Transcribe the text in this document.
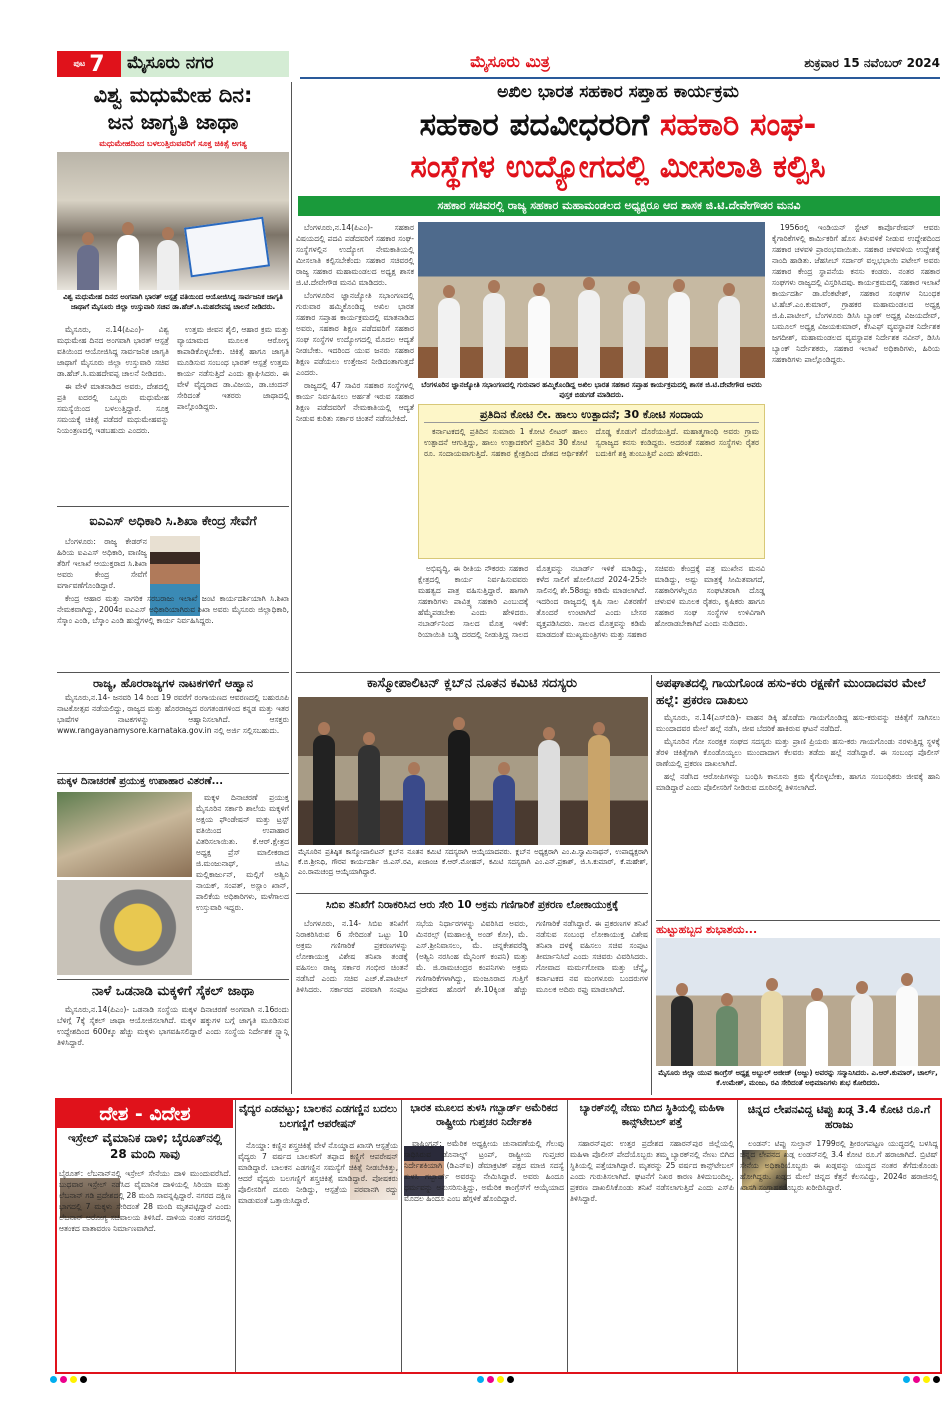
ಪುಟ 7	ಮೈಸೂರು ನಗರ	ಮೈಸೂರು ಮಿತ್ರ	ಶುಕ್ರವಾರ 15 ನವೆಂಬರ್ 2024
ವಿಶ್ವ ಮಧುಮೇಹ ದಿನ:
ಜನ ಜಾಗೃತಿ ಜಾಥಾ
ಮಧುಮೇಹದಿಂದ ಬಳಲುತ್ತಿರುವವರಿಗೆ ಸೂಕ್ತ ಚಿಕಿತ್ಸೆ ಅಗತ್ಯ
ವಿಶ್ವ ಮಧುಮೇಹ ದಿನದ ಅಂಗವಾಗಿ ಭಾರತ್ ಆಸ್ಪತ್ರೆ ವತಿಯಿಂದ ಆಯೋಜಿಸಿದ್ದ ಸಾರ್ವಜನಿಕ ಜಾಗೃತಿ ಜಾಥಾಗೆ ಮೈಸೂರು ಜಿಲ್ಲಾ ಉಸ್ತುವಾರಿ ಸಚಿವ ಡಾ.ಹೆಚ್.ಸಿ.ಮಹದೇವಪ್ಪ ಚಾಲನೆ ನೀಡಿದರು.

ಮೈಸೂರು, ನ.14(ಪಿಎಂ)- ವಿಶ್ವ ಮಧುಮೇಹ ದಿನದ ಅಂಗವಾಗಿ ಭಾರತ್ ಆಸ್ಪತ್ರೆ ವತಿಯಿಂದ ಆಯೋಜಿಸಿದ್ದ ಸಾರ್ವಜನಿಕ ಜಾಗೃತಿ ಜಾಥಾಗೆ ಮೈಸೂರು ಜಿಲ್ಲಾ ಉಸ್ತುವಾರಿ ಸಚಿವ ಡಾ.ಹೆಚ್.ಸಿ.ಮಹದೇವಪ್ಪ ಚಾಲನೆ ನೀಡಿದರು.

ಈ ವೇಳೆ ಮಾತನಾಡಿದ ಅವರು, ದೇಶದಲ್ಲಿ ಪ್ರತಿ ಐದರಲ್ಲಿ ಒಬ್ಬರು ಮಧುಮೇಹ ಸಮಸ್ಯೆಯಿಂದ ಬಳಲುತ್ತಿದ್ದಾರೆ. ಸೂಕ್ತ ಸಮಯಕ್ಕೆ ಚಿಕಿತ್ಸೆ ಪಡೆದರೆ ಮಧುಮೇಹವನ್ನು ನಿಯಂತ್ರಣದಲ್ಲಿ ಇಡಬಹುದು ಎಂದರು.

ಉತ್ತಮ ಜೀವನ ಶೈಲಿ, ಆಹಾರ ಕ್ರಮ ಮತ್ತು ವ್ಯಾಯಾಮದ ಮೂಲಕ ಆರೋಗ್ಯ ಕಾಪಾಡಿಕೊಳ್ಳಬೇಕು. ಚಿಕಿತ್ಸೆ ಹಾಗೂ ಜಾಗೃತಿ ಮೂಡಿಸುವ ಸಂಬಂಧ ಭಾರತ್ ಆಸ್ಪತ್ರೆ ಉತ್ತಮ ಕಾರ್ಯ ನಡೆಸುತ್ತಿದೆ ಎಂದು ಶ್ಲಾಘಿಸಿದರು. ಈ ವೇಳೆ ವೈದ್ಯರಾದ ಡಾ.ವಿಜಯ, ಡಾ.ಚಂದನ್ ಸೇರಿದಂತೆ ಇತರರು ಜಾಥಾದಲ್ಲಿ ಪಾಲ್ಗೊಂಡಿದ್ದರು.

ಐಎಎಸ್ ಅಧಿಕಾರಿ ಸಿ.ಶಿಖಾ ಕೇಂದ್ರ ಸೇವೆಗೆ

ಬೆಂಗಳೂರು: ರಾಜ್ಯ ಕೇಡರ್‌ನ ಹಿರಿಯ ಐಎಎಸ್ ಅಧಿಕಾರಿ, ವಾಣಿಜ್ಯ ತೆರಿಗೆ ಇಲಾಖೆ ಆಯುಕ್ತರಾದ ಸಿ.ಶಿಖಾ ಅವರು ಕೇಂದ್ರ ಸೇವೆಗೆ ವರ್ಗಾವಣೆಗೊಂಡಿದ್ದಾರೆ.

ಕೇಂದ್ರ ಆಹಾರ ಮತ್ತು ನಾಗರಿಕ ಸರಬರಾಜು ಇಲಾಖೆ ಜಂಟಿ ಕಾರ್ಯದರ್ಶಿಯಾಗಿ ಸಿ.ಶಿಖಾ ನೇಮಕವಾಗಿದ್ದು, 2004ರ ಐಎಎಸ್ ಅಧಿಕಾರಿಯಾಗಿರುವ ಶಿಖಾ ಅವರು ಮೈಸೂರು ಜಿಲ್ಲಾಧಿಕಾರಿ, ಸೆಸ್ಕಾಂ ಎಂಡಿ, ಬೆಸ್ಕಾಂ ಎಂಡಿ ಹುದ್ದೆಗಳಲ್ಲಿ ಕಾರ್ಯ ನಿರ್ವಹಿಸಿದ್ದರು.

ರಾಜ್ಯ, ಹೊರರಾಜ್ಯಗಳ ನಾಟಕಗಳಿಗೆ ಆಹ್ವಾನ

ಮೈಸೂರು,ನ.14- ಜನವರಿ 14 ರಿಂದ 19 ರವರೆಗೆ ರಂಗಾಯಣದ ಆವರಣದಲ್ಲಿ ಬಹುರೂಪಿ ನಾಟಕೋತ್ಸವ ನಡೆಯಲಿದ್ದು, ರಾಜ್ಯದ ಮತ್ತು ಹೊರರಾಜ್ಯದ ರಂಗತಂಡಗಳಿಂದ ಕನ್ನಡ ಮತ್ತು ಇತರ ಭಾಷೆಗಳ ನಾಟಕಗಳನ್ನು ಆಹ್ವಾನಿಸಲಾಗಿದೆ. ಆಸಕ್ತರು www.rangayanamysore.karnataka.gov.in ನಲ್ಲಿ ಅರ್ಜಿ ಸಲ್ಲಿಸಬಹುದು.

ಮಕ್ಕಳ ದಿನಾಚರಣೆ ಪ್ರಯುಕ್ತ ಉಪಾಹಾರ ವಿತರಣೆ...

ಮಕ್ಕಳ ದಿನಾಚರಣೆ ಪ್ರಯುಕ್ತ ಮೈಸೂರಿನ ಸರ್ಕಾರಿ ಶಾಲೆಯ ಮಕ್ಕಳಿಗೆ ಅಕ್ಷಯ ಫೌಂಡೇಷನ್ ಮತ್ತು ಟ್ರಸ್ಟ್ ವತಿಯಿಂದ ಉಪಾಹಾರ ವಿತರಿಸಲಾಯಿತು. ಕೆ.ಆರ್.ಕ್ಷೇತ್ರದ ಅಧ್ಯಕ್ಷ ಪ್ರೆಸ್ ಮಾಲೀಕರಾದ ಜಿ.ಮಂಜುನಾಥ್, ಜಿಸಿಎ ಮಲ್ಲಿಕಾರ್ಜುನ್, ಮಲ್ಲಿಗೆ ಅಶ್ವಿನಿ ನಾಯಕ್, ಸಂಪತ್, ಅಸ್ಲಾಂ ಖಾನ್, ಪಾಲಿಕೆಯ ಅಧಿಕಾರಿಗಳು, ಮಳೆಗಾಲದ ಉಸ್ತುವಾರಿ ಇದ್ದರು.

ನಾಳೆ ಒಡನಾಡಿ ಮಕ್ಕಳಿಗೆ ಸೈಕಲ್ ಜಾಥಾ

ಮೈಸೂರು,ನ.14(ಪಿಎಂ)- ಒಡನಾಡಿ ಸಂಸ್ಥೆಯ ಮಕ್ಕಳ ದಿನಾಚರಣೆ ಅಂಗವಾಗಿ ನ.16ರಂದು ಬೆಳಿಗ್ಗೆ 7ಕ್ಕೆ ಸೈಕಲ್ ಜಾಥಾ ಆಯೋಜಿಸಲಾಗಿದೆ. ಮಕ್ಕಳ ಹಕ್ಕುಗಳ ಬಗ್ಗೆ ಜಾಗೃತಿ ಮೂಡಿಸುವ ಉದ್ದೇಶದಿಂದ 600ಕ್ಕೂ ಹೆಚ್ಚು ಮಕ್ಕಳು ಭಾಗವಹಿಸಲಿದ್ದಾರೆ ಎಂದು ಸಂಸ್ಥೆಯ ನಿರ್ದೇಶಕ ಸ್ಟ್ಯಾನ್ಲಿ ತಿಳಿಸಿದ್ದಾರೆ.

ಅಖಿಲ ಭಾರತ ಸಹಕಾರ ಸಪ್ತಾಹ ಕಾರ್ಯಕ್ರಮ
ಸಹಕಾರ ಪದವೀಧರರಿಗೆ ಸಹಕಾರಿ ಸಂಘ-
ಸಂಸ್ಥೆಗಳ ಉದ್ಯೋಗದಲ್ಲಿ ಮೀಸಲಾತಿ ಕಲ್ಪಿಸಿ
ಸಹಕಾರ ಸಚಿವರಲ್ಲಿ ರಾಜ್ಯ ಸಹಕಾರ ಮಹಾಮಂಡಲದ ಅಧ್ಯಕ್ಷರೂ ಆದ ಶಾಸಕ ಜಿ.ಟಿ.ದೇವೇಗೌಡರ ಮನವಿ

ಬೆಂಗಳೂರು,ನ.14(ಪಿಎಂ)- ಸಹಕಾರ ವಿಷಯದಲ್ಲಿ ಪದವಿ ಪಡೆದವರಿಗೆ ಸಹಕಾರ ಸಂಘ-ಸಂಸ್ಥೆಗಳಲ್ಲಿನ ಉದ್ಯೋಗ ನೇಮಕಾತಿಯಲ್ಲಿ ಮೀಸಲಾತಿ ಕಲ್ಪಿಸಬೇಕೆಂದು ಸಹಕಾರ ಸಚಿವರಲ್ಲಿ ರಾಜ್ಯ ಸಹಕಾರ ಮಹಾಮಂಡಲದ ಅಧ್ಯಕ್ಷ ಶಾಸಕ ಜಿ.ಟಿ.ದೇವೇಗೌಡ ಮನವಿ ಮಾಡಿದರು.

ಬೆಂಗಳೂರಿನ ಜ್ಞಾನಜ್ಯೋತಿ ಸಭಾಂಗಣದಲ್ಲಿ ಗುರುವಾರ ಹಮ್ಮಿಕೊಂಡಿದ್ದ ಅಖಿಲ ಭಾರತ ಸಹಕಾರ ಸಪ್ತಾಹ ಕಾರ್ಯಕ್ರಮದಲ್ಲಿ ಮಾತನಾಡಿದ ಅವರು, ಸಹಕಾರ ಶಿಕ್ಷಣ ಪಡೆದವರಿಗೆ ಸಹಕಾರ ಸಂಘ ಸಂಸ್ಥೆಗಳ ಉದ್ಯೋಗದಲ್ಲಿ ಮೊದಲ ಆದ್ಯತೆ ನೀಡಬೇಕು. ಇದರಿಂದ ಯುವ ಜನರು ಸಹಕಾರ ಶಿಕ್ಷಣ ಪಡೆಯಲು ಉತ್ತೇಜನ ನೀಡಿದಂತಾಗುತ್ತದೆ ಎಂದರು.

ರಾಜ್ಯದಲ್ಲಿ 47 ಸಾವಿರ ಸಹಕಾರ ಸಂಸ್ಥೆಗಳಲ್ಲಿ ಕಾರ್ಯ ನಿರ್ವಹಿಸಲು ಅರ್ಹತೆ ಇರುವ ಸಹಕಾರ ಶಿಕ್ಷಣ ಪಡೆದವರಿಗೆ ನೇಮಕಾತಿಯಲ್ಲಿ ಆದ್ಯತೆ ನೀಡುವ ಕುರಿತು ಸರ್ಕಾರ ಚಿಂತನೆ ನಡೆಸಬೇಕಿದೆ.

ಬೆಂಗಳೂರಿನ ಜ್ಞಾನಜ್ಯೋತಿ ಸಭಾಂಗಣದಲ್ಲಿ ಗುರುವಾರ ಹಮ್ಮಿಕೊಂಡಿದ್ದ ಅಖಿಲ ಭಾರತ ಸಹಕಾರ ಸಪ್ತಾಹ ಕಾರ್ಯಕ್ರಮದಲ್ಲಿ ಶಾಸಕ ಜಿ.ಟಿ.ದೇವೇಗೌಡ ಅವರು ಪುಸ್ತಕ ಬಿಡುಗಡೆ ಮಾಡಿದರು.
ಪ್ರತಿದಿನ ಕೋಟಿ ಲೀ. ಹಾಲು ಉತ್ಪಾದನೆ; 30 ಕೋಟಿ ಸಂದಾಯ

ಕರ್ನಾಟಕದಲ್ಲಿ ಪ್ರತಿದಿನ ಸುಮಾರು 1 ಕೋಟಿ ಲೀಟರ್ ಹಾಲು ಉತ್ಪಾದನೆ ಆಗುತ್ತಿದ್ದು, ಹಾಲು ಉತ್ಪಾದಕರಿಗೆ ಪ್ರತಿದಿನ 30 ಕೋಟಿ ರೂ. ಸಂದಾಯವಾಗುತ್ತಿದೆ. ಸಹಕಾರ ಕ್ಷೇತ್ರದಿಂದ ದೇಶದ ಆರ್ಥಿಕತೆಗೆ ದೊಡ್ಡ ಕೊಡುಗೆ ದೊರೆಯುತ್ತಿದೆ. ಮಹಾತ್ಮಗಾಂಧಿ ಅವರು ಗ್ರಾಮ ಸ್ವರಾಜ್ಯದ ಕನಸು ಕಂಡಿದ್ದರು. ಅದರಂತೆ ಸಹಕಾರ ಸಂಸ್ಥೆಗಳು ರೈತರ ಬದುಕಿಗೆ ಶಕ್ತಿ ತುಂಬುತ್ತಿವೆ ಎಂದು ಹೇಳಿದರು.

ಅಭಿವೃದ್ಧಿ, ಈ ರೀತಿಯ ನೌಕರರು ಸಹಕಾರ ಕ್ಷೇತ್ರದಲ್ಲಿ ಕಾರ್ಯ ನಿರ್ವಹಿಸುವವರು ಮಹತ್ವದ ಪಾತ್ರ ವಹಿಸುತ್ತಿದ್ದಾರೆ. ಹಾಗಾಗಿ ಸಹಕಾರಿಗಳು ಪಾವಿತ್ರ್ಯ ಸಹಕಾರಿ ಎಂಬುದಕ್ಕೆ ಹೆಮ್ಮೆಪಡಬೇಕು ಎಂದು ಹೇಳಿದರು. ನಬಾರ್ಡ್‌ನಿಂದ ಸಾಲದ ಮೊತ್ತ ಇಳಿಕೆ: ರಿಯಾಯಿತಿ ಬಡ್ಡಿ ದರದಲ್ಲಿ ನೀಡುತ್ತಿದ್ದ ಸಾಲದ ಮೊತ್ತವನ್ನು ನಬಾರ್ಡ್ ಇಳಿಕೆ ಮಾಡಿದ್ದು, ಕಳೆದ ಸಾಲಿಗೆ ಹೋಲಿಸಿದರೆ 2024-25ನೇ ಸಾಲಿನಲ್ಲಿ ಶೇ.58ರಷ್ಟು ಕಡಿಮೆ ಮಾಡಲಾಗಿದೆ. ಇದರಿಂದ ರಾಜ್ಯದಲ್ಲಿ ಕೃಷಿ ಸಾಲ ವಿತರಣೆಗೆ ತೊಂದರೆ ಉಂಟಾಗಿದೆ ಎಂದು ಬೇಸರ ವ್ಯಕ್ತಪಡಿಸಿದರು. ಸಾಲದ ಮೊತ್ತವನ್ನು ಕಡಿಮೆ ಮಾಡದಂತೆ ಮುಖ್ಯಮಂತ್ರಿಗಳು ಮತ್ತು ಸಹಕಾರ ಸಚಿವರು ಕೇಂದ್ರಕ್ಕೆ ಪತ್ರ ಮುಖೇನ ಮನವಿ ಮಾಡಿದ್ದು, ಅಷ್ಟು ಮಾತ್ರಕ್ಕೆ ಸೀಮಿತವಾಗದೆ, ಸಹಕಾರಿಗಳೆಲ್ಲರೂ ಸಂಘಟಿತರಾಗಿ ದೊಡ್ಡ ಚಳುವಳಿ ಮೂಲಕ ರೈತರು, ಕೃಷಿಕರು ಹಾಗೂ ಸಹಕಾರ ಸಂಘ ಸಂಸ್ಥೆಗಳ ಉಳಿವಿಗಾಗಿ ಹೋರಾಡಬೇಕಾಗಿದೆ ಎಂದು ನುಡಿದರು.

1956ರಲ್ಲಿ ಇಂಡಿಯನ್ ಸ್ಟೇಟ್ ಕಾರ್ಪೊರೇಷನ್ ಆವರು ಕೈಗಾರಿಕೆಗಳಲ್ಲಿ ಕಾರ್ಮಿಕರಿಗೆ ಹೊಸ ತಿಳುವಳಿಕೆ ನೀಡುವ ಉದ್ದೇಶದಿಂದ ಸಹಕಾರ ಚಳವಳಿ ಪ್ರಾರಂಭವಾಯಿತು. ಸಹಕಾರ ಚಳವಳಿಯ ಉದ್ದೇಶಕ್ಕೆ ನಾಂದಿ ಹಾಡಿತು. ಜೆಹಸೀಬ್ ಸರ್ದಾರ್ ವಲ್ಲಭಭಾಯಿ ಪಟೇಲ್ ಅವರು ಸಹಕಾರ ಕೇಂದ್ರ ಸ್ಥಾಪನೆಯ ಕನಸು ಕಂಡರು. ನಂತರ ಸಹಕಾರ ಸಂಘಗಳು ರಾಜ್ಯದಲ್ಲಿ ವಿಸ್ತರಿಸಿದವು. ಕಾರ್ಯಕ್ರಮದಲ್ಲಿ ಸಹಕಾರ ಇಲಾಖೆ ಕಾರ್ಯದರ್ಶಿ ಡಾ.ವೆಂಕಟೇಶ್, ಸಹಕಾರ ಸಂಘಗಳ ನಿಬಂಧಕ ಟಿ.ಹೆಚ್.ಎಂ.ಕುಮಾರ್, ಗ್ರಾಹಕರ ಮಹಾಮಂಡಲದ ಅಧ್ಯಕ್ಷ ಜಿ.ಪಿ.ಪಾಟೀಲ್, ಬೆಂಗಳೂರು ಡಿಸಿಸಿ ಬ್ಯಾಂಕ್ ಅಧ್ಯಕ್ಷ ವಿಜಯದೇವ್, ಬಮೂಲ್ ಅಧ್ಯಕ್ಷ ವಿಜಯಕುಮಾರ್, ಕೆಸಿಎಫ್ ವ್ಯವಸ್ಥಾಪಕ ನಿರ್ದೇಶಕ ಜಗದೀಶ್, ಮಹಾಮಂಡಲದ ವ್ಯವಸ್ಥಾಪಕ ನಿರ್ದೇಶಕ ನವೀನ್, ಡಿಸಿಸಿ ಬ್ಯಾಂಕ್ ನಿರ್ದೇಶಕರು, ಸಹಕಾರ ಇಲಾಖೆ ಅಧಿಕಾರಿಗಳು, ಹಿರಿಯ ಸಹಕಾರಿಗಳು ಪಾಲ್ಗೊಂಡಿದ್ದರು.

ಕಾಸ್ಮೋಪಾಲಿಟನ್ ಕ್ಲಬ್‌ನ ನೂತನ ಕಮಿಟಿ ಸದಸ್ಯರು
ಮೈಸೂರಿನ ಪ್ರತಿಷ್ಠಿತ ಕಾಸ್ಮೋಪಾಲಿಟನ್ ಕ್ಲಬ್‌ನ ನೂತನ ಕಮಿಟಿ ಸದಸ್ಯರಾಗಿ ಆಯ್ಕೆಯಾದವರು. ಕ್ಲಬ್‌ನ ಅಧ್ಯಕ್ಷರಾಗಿ ಎಂ.ಪಿ.ಸ್ವಾಮಿನಾಥನ್, ಉಪಾಧ್ಯಕ್ಷರಾಗಿ ಕೆ.ಬಿ.ಶ್ರೀನಿಧಿ, ಗೌರವ ಕಾರ್ಯದರ್ಶಿ ಜಿ.ಎಸ್.ರವಿ, ಖಜಾಂಚಿ ಕೆ.ಆರ್.ಮೋಹನ್, ಕಮಿಟಿ ಸದಸ್ಯರಾಗಿ ಎಂ.ಎನ್.ಪ್ರಕಾಶ್, ಜಿ.ಸಿ.ಕುಮಾರ್, ಕೆ.ಮಹೇಶ್, ಎಂ.ರಾಮಚಂದ್ರ ಆಯ್ಕೆಯಾಗಿದ್ದಾರೆ.
ಅಪಘಾತದಲ್ಲಿ ಗಾಯಗೊಂಡ ಹಸು-ಕರು ರಕ್ಷಣೆಗೆ ಮುಂದಾದವರ ಮೇಲೆ ಹಲ್ಲೆ: ಪ್ರಕರಣ ದಾಖಲು

ಮೈಸೂರು, ನ.14(ಎಸ್‌ಬಿಡಿ)- ವಾಹನ ಡಿಕ್ಕಿ ಹೊಡೆದು ಗಾಯಗೊಂಡಿದ್ದ ಹಸು-ಕರುವನ್ನು ಚಿಕಿತ್ಸೆಗೆ ಸಾಗಿಸಲು ಮುಂದಾದವರ ಮೇಲೆ ಹಲ್ಲೆ ನಡೆಸಿ, ಜೀವ ಬೆದರಿಕೆ ಹಾಕಿರುವ ಘಟನೆ ನಡೆದಿದೆ.

ಮೈಸೂರಿನ ಗೋ ಸಂರಕ್ಷಕ ಸಂಘದ ಸದಸ್ಯರು ಮತ್ತು ಪ್ರಾಣಿ ಪ್ರಿಯರು ಹಸು-ಕರು ಗಾಯಗೊಂಡು ನರಳುತ್ತಿದ್ದ ಸ್ಥಳಕ್ಕೆ ತೆರಳಿ ಚಿಕಿತ್ಸೆಗಾಗಿ ಕೊಂಡೊಯ್ಯಲು ಮುಂದಾದಾಗ ಕೆಲವರು ತಡೆದು ಹಲ್ಲೆ ನಡೆಸಿದ್ದಾರೆ. ಈ ಸಂಬಂಧ ಪೊಲೀಸ್ ಠಾಣೆಯಲ್ಲಿ ಪ್ರಕರಣ ದಾಖಲಾಗಿದೆ.

ಹಲ್ಲೆ ನಡೆಸಿದ ಆರೋಪಿಗಳನ್ನು ಬಂಧಿಸಿ ಕಾನೂನು ಕ್ರಮ ಕೈಗೊಳ್ಳಬೇಕು, ಹಾಗೂ ಸಂಬಂಧಿಕರು ಜೀವಕ್ಕೆ ಹಾನಿ ಮಾಡಿದ್ದಾರೆ ಎಂದು ಪೊಲೀಸರಿಗೆ ನೀಡಿರುವ ದೂರಿನಲ್ಲಿ ತಿಳಿಸಲಾಗಿದೆ.

ಹುಟ್ಟುಹಬ್ಬದ ಶುಭಾಶಯ...
ಮೈಸೂರು ಜಿಲ್ಲಾ ಯುವ ಕಾಂಗ್ರೆಸ್ ಅಧ್ಯಕ್ಷ ಅಬ್ದುಲ್ ಅಜೀಜ್ (ಅಜ್ಜು) ಅವರನ್ನು ಸನ್ಮಾನಿಸಿದರು. ಎ.ಆರ್.ಕುಮಾರ್, ಚಾರ್ಲ್, ಕೆ.ಉಮೇಶ್, ಮಂಜು, ರವಿ ಸೇರಿದಂತೆ ಅಭಿಮಾನಿಗಳು ಶುಭ ಕೋರಿದರು.
ಸಿಬಿಐ ತನಿಖೆಗೆ ನಿರಾಕರಿಸಿದ ಆರು ಸೇರಿ 10 ಅಕ್ರಮ ಗಣಿಗಾರಿಕೆ ಪ್ರಕರಣ ಲೋಕಾಯುಕ್ತಕ್ಕೆ

ಬೆಂಗಳೂರು, ನ.14- ಸಿಬಿಐ ತನಿಖೆಗೆ ನಿರಾಕರಿಸಿರುವ 6 ಸೇರಿದಂತೆ ಒಟ್ಟು 10 ಅಕ್ರಮ ಗಣಿಗಾರಿಕೆ ಪ್ರಕರಣಗಳನ್ನು ಲೋಕಾಯುಕ್ತ ವಿಶೇಷ ತನಿಖಾ ತಂಡಕ್ಕೆ ವಹಿಸಲು ರಾಜ್ಯ ಸರ್ಕಾರ ಗಂಭೀರ ಚಿಂತನೆ ನಡೆಸಿದೆ ಎಂದು ಸಚಿವ ಎಚ್.ಕೆ.ಪಾಟೀಲ್ ತಿಳಿಸಿದರು. ಸರ್ಕಾರದ ಪರವಾಗಿ ಸಂಪುಟ ಸಭೆಯ ನಿರ್ಧಾರಗಳನ್ನು ವಿವರಿಸಿದ ಅವರು, ಮಿನರಲ್ಸ್ (ಮಹಾಲಕ್ಷ್ಮಿ ಅಂಡ್ ಕೋ), ಮೆ. ಎಸ್.ಶ್ರೀನಿವಾಸಲು, ಮೆ. ಚನ್ನಕೇಶವರೆಡ್ಡಿ (ಅಶ್ವಿನಿ ನರಸಿಂಹ ಮೈನಿಂಗ್ ಕಂಪನಿ) ಮತ್ತು ಮೆ. ಜಿ.ರಾಮಚಂದ್ರರ ಕಂಪನಿಗಳು ಅಕ್ರಮ ಗಣಿಗಾರಿಕೆಗಳಾಗಿದ್ದು, ಮಂಜೂರಾದ ಗುತ್ತಿಗೆ ಪ್ರದೇಶದ ಹೊರಗೆ ಶೇ.10ಕ್ಕಿಂತ ಹೆಚ್ಚು ಗಣಿಗಾರಿಕೆ ನಡೆಸಿದ್ದಾರೆ. ಈ ಪ್ರಕರಣಗಳ ತನಿಖೆ ನಡೆಸುವ ಸಂಬಂಧ ಲೋಕಾಯುಕ್ತ ವಿಶೇಷ ತನಿಖಾ ದಳಕ್ಕೆ ವಹಿಸಲು ಸಚಿವ ಸಂಪುಟ ತೀರ್ಮಾನಿಸಿದೆ ಎಂದು ಸಚಿವರು ವಿವರಿಸಿದರು. ಗೋವಾದ ಮರ್ಮಗೋವಾ ಮತ್ತು ಚೆನ್ನೈ, ಕರ್ನಾಟಕದ ನವ ಮಂಗಳೂರು ಬಂದರುಗಳ ಮೂಲಕ ಅದಿರು ರಫ್ತು ಮಾಡಲಾಗಿದೆ.

ದೇಶ - ವಿದೇಶ
ಇಸ್ರೇಲ್ ವೈಮಾನಿಕ ದಾಳಿ; ಬೈರೂತ್‌ನಲ್ಲಿ 28 ಮಂದಿ ಸಾವು

ಬೈರೂತ್: ಲೆಬನಾನ್‌ನಲ್ಲಿ ಇಸ್ರೇಲ್ ಸೇನೆಯು ದಾಳಿ ಮುಂದುವರೆಸಿದೆ. ಬುಧವಾರ ಇಸ್ರೇಲ್ ನಡೆಸಿದ ವೈಮಾನಿಕ ದಾಳಿಯಲ್ಲಿ ಸಿರಿಯಾ ಮತ್ತು ಲೆಬನಾನ್ ಗಡಿ ಪ್ರದೇಶದಲ್ಲಿ 28 ಮಂದಿ ಸಾವನ್ನಪ್ಪಿದ್ದಾರೆ. ನಗರದ ದಕ್ಷಿಣ ಭಾಗದಲ್ಲಿ 7 ಮಕ್ಕಳು ಸೇರಿದಂತೆ 28 ಮಂದಿ ಮೃತಪಟ್ಟಿದ್ದಾರೆ ಎಂದು ಲೆಬನಾನ್ ಆರೋಗ್ಯ ಸಚಿವಾಲಯ ತಿಳಿಸಿದೆ. ದಾಳಿಯ ನಂತರ ನಗರದಲ್ಲಿ ಆತಂಕದ ವಾತಾವರಣ ನಿರ್ಮಾಣವಾಗಿದೆ.

ವೈದ್ಯರ ಎಡವಟ್ಟು; ಬಾಲಕನ ಎಡಗಣ್ಣಿನ ಬದಲು ಬಲಗಣ್ಣಿಗೆ ಆಪರೇಷನ್

ನೊಯ್ಡಾ: ಕಣ್ಣಿನ ಶಸ್ತ್ರಚಿಕಿತ್ಸೆ ವೇಳೆ ನೊಯ್ಡಾದ ಖಾಸಗಿ ಆಸ್ಪತ್ರೆಯ ವೈದ್ಯರು 7 ವರ್ಷದ ಬಾಲಕನಿಗೆ ತಪ್ಪಾದ ಕಣ್ಣಿಗೆ ಆಪರೇಷನ್ ಮಾಡಿದ್ದಾರೆ. ಬಾಲಕನ ಎಡಗಣ್ಣಿನ ಸಮಸ್ಯೆಗೆ ಚಿಕಿತ್ಸೆ ನೀಡಬೇಕಿತ್ತು, ಆದರೆ ವೈದ್ಯರು ಬಲಗಣ್ಣಿಗೆ ಶಸ್ತ್ರಚಿಕಿತ್ಸೆ ಮಾಡಿದ್ದಾರೆ. ಪೋಷಕರು ಪೊಲೀಸರಿಗೆ ದೂರು ನೀಡಿದ್ದು, ಆಸ್ಪತ್ರೆಯ ಪರವಾನಗಿ ರದ್ದು ಮಾಡುವಂತೆ ಒತ್ತಾಯಿಸಿದ್ದಾರೆ.

ಭಾರತ ಮೂಲದ ತುಳಸಿ ಗಬ್ಬಾರ್ಡ್ ಅಮೆರಿಕದ ರಾಷ್ಟ್ರೀಯ ಗುಪ್ತಚರ ನಿರ್ದೇಶಕಿ

ವಾಷಿಂಗ್ಟನ್: ಅಮೆರಿಕ ಅಧ್ಯಕ್ಷೀಯ ಚುನಾವಣೆಯಲ್ಲಿ ಗೆಲುವು ಸಾಧಿಸಿರುವ ಡೊನಾಲ್ಡ್ ಟ್ರಂಪ್, ರಾಷ್ಟ್ರೀಯ ಗುಪ್ತಚರ ನಿರ್ದೇಶಕಿಯಾಗಿ (ಡಿಎನ್‌ಐ) ಡೆಮಾಕ್ರಟಿಕ್ ಪಕ್ಷದ ಮಾಜಿ ಸದಸ್ಯೆ ತುಳಸಿ ಗಬ್ಬಾರ್ಡ್ ಅವರನ್ನು ನೇಮಿಸಿದ್ದಾರೆ. ಅವರು ಹಿಂದೂ ಧರ್ಮವನ್ನು ಅನುಸರಿಸುತ್ತಿದ್ದು, ಅಮೆರಿಕ ಕಾಂಗ್ರೆಸ್‌ಗೆ ಆಯ್ಕೆಯಾದ ಮೊದಲ ಹಿಂದೂ ಎಂಬ ಹೆಗ್ಗಳಿಕೆ ಹೊಂದಿದ್ದಾರೆ.

ಬ್ಯಾರಕ್‌ನಲ್ಲಿ ನೇಣು ಬಿಗಿದ ಸ್ಥಿತಿಯಲ್ಲಿ ಮಹಿಳಾ ಕಾನ್ಸ್‌ಟೇಬಲ್ ಪತ್ತೆ

ಸಹಾರನ್‌ಪುರ: ಉತ್ತರ ಪ್ರದೇಶದ ಸಹಾರನ್‌ಪುರ ಜಿಲ್ಲೆಯಲ್ಲಿ ಮಹಿಳಾ ಪೊಲೀಸ್ ಪೇದೆಯೊಬ್ಬರು ತಮ್ಮ ಬ್ಯಾರಕ್‌ನಲ್ಲಿ ನೇಣು ಬಿಗಿದ ಸ್ಥಿತಿಯಲ್ಲಿ ಪತ್ತೆಯಾಗಿದ್ದಾರೆ. ಮೃತರನ್ನು 25 ವರ್ಷದ ಕಾನ್ಸ್‌ಟೇಬಲ್ ಎಂದು ಗುರುತಿಸಲಾಗಿದೆ. ಘಟನೆಗೆ ನಿಖರ ಕಾರಣ ತಿಳಿದುಬಂದಿಲ್ಲ. ಪ್ರಕರಣ ದಾಖಲಿಸಿಕೊಂಡು ತನಿಖೆ ನಡೆಸಲಾಗುತ್ತಿದೆ ಎಂದು ಎಸ್‌ಪಿ ತಿಳಿಸಿದ್ದಾರೆ.

ಚಿನ್ನದ ಲೇಪನವಿದ್ದ ಟಿಪ್ಪು ಖಡ್ಗ 3.4 ಕೋಟಿ ರೂ.ಗೆ ಹರಾಜು

ಲಂಡನ್: ಟಿಪ್ಪು ಸುಲ್ತಾನ್ 1799ರಲ್ಲಿ ಶ್ರೀರಂಗಪಟ್ಟಣ ಯುದ್ಧದಲ್ಲಿ ಬಳಸಿದ್ದ ಚಿನ್ನದ ಲೇಪನದ ಖಡ್ಗ ಲಂಡನ್‌ನಲ್ಲಿ 3.4 ಕೋಟಿ ರೂ.ಗೆ ಹರಾಜಾಗಿದೆ. ಬ್ರಿಟಿಷ್ ಸೇನೆಯ ಅಧಿಕಾರಿಯೊಬ್ಬರು ಈ ಖಡ್ಗವನ್ನು ಯುದ್ಧದ ನಂತರ ತೆಗೆದುಕೊಂಡು ಹೋಗಿದ್ದರು. ಖಡ್ಗದ ಮೇಲೆ ಚಿನ್ನದ ಕೆತ್ತನೆ ಕೆಲಸವಿದ್ದು, 2024ರ ಹರಾಜಿನಲ್ಲಿ ಖಾಸಗಿ ಸಂಗ್ರಾಹಕರೊಬ್ಬರು ಖರೀದಿಸಿದ್ದಾರೆ.
